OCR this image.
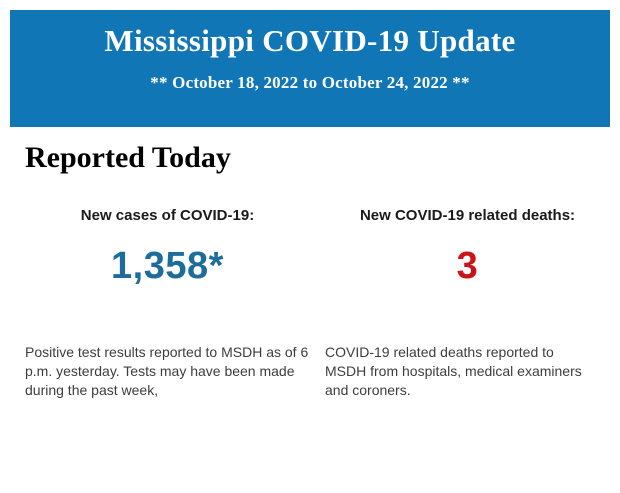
Mississippi COVID-19 Update

** October 18, 2022 to October 24, 2022 **

Reported Today
New cases of COVID-19:
1,358*

Positive test results reported to MSDH as of 6 p.m. yesterday. Tests may have been made during the past week,

New COVID-19 related deaths:
3

COVID-19 related deaths reported to MSDH from hospitals, medical examiners and coroners.
